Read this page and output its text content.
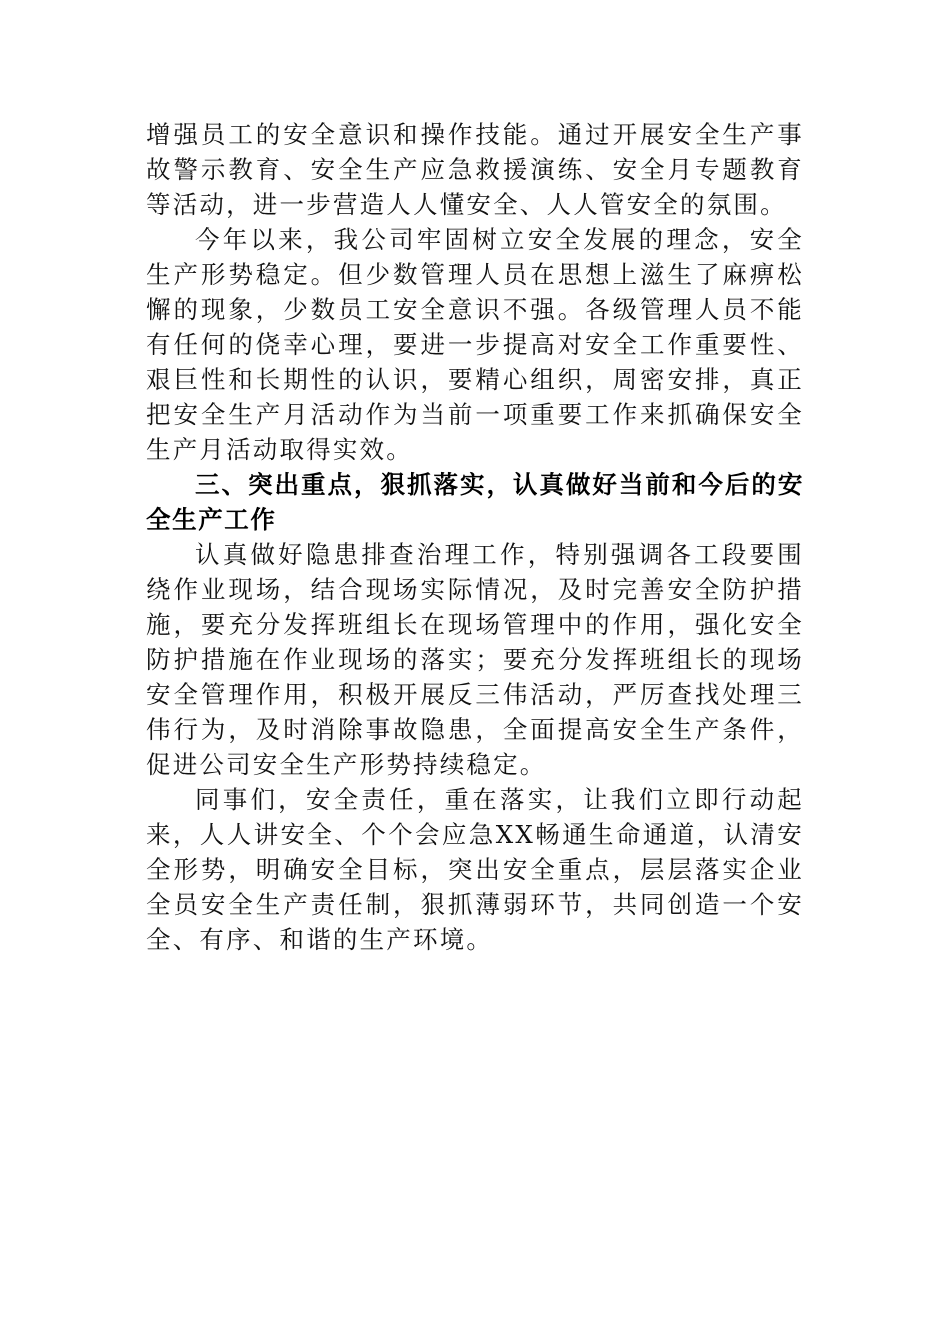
增强员工的安全意识和操作技能。通过开展安全生产事故警示教育、安全生产应急救援演练、安全月专题教育等活动，进一步营造人人懂安全、人人管安全的氛围。

今年以来，我公司牢固树立安全发展的理念，安全生产形势稳定。但少数管理人员在思想上滋生了麻痹松懈的现象，少数员工安全意识不强。各级管理人员不能有任何的侥幸心理，要进一步提高对安全工作重要性、艰巨性和长期性的认识，要精心组织，周密安排，真正把安全生产月活动作为当前一项重要工作来抓确保安全生产月活动取得实效。

三、突出重点，狠抓落实，认真做好当前和今后的安全生产工作

认真做好隐患排查治理工作，特别强调各工段要围绕作业现场，结合现场实际情况，及时完善安全防护措施，要充分发挥班组长在现场管理中的作用，强化安全防护措施在作业现场的落实；要充分发挥班组长的现场安全管理作用，积极开展反三伟活动，严厉查找处理三伟行为，及时消除事故隐患，全面提高安全生产条件，促进公司安全生产形势持续稳定。

同事们，安全责任，重在落实，让我们立即行动起来，人人讲安全、个个会应急XX畅通生命通道，认清安全形势，明确安全目标，突出安全重点，层层落实企业全员安全生产责任制，狠抓薄弱环节，共同创造一个安全、有序、和谐的生产环境。
